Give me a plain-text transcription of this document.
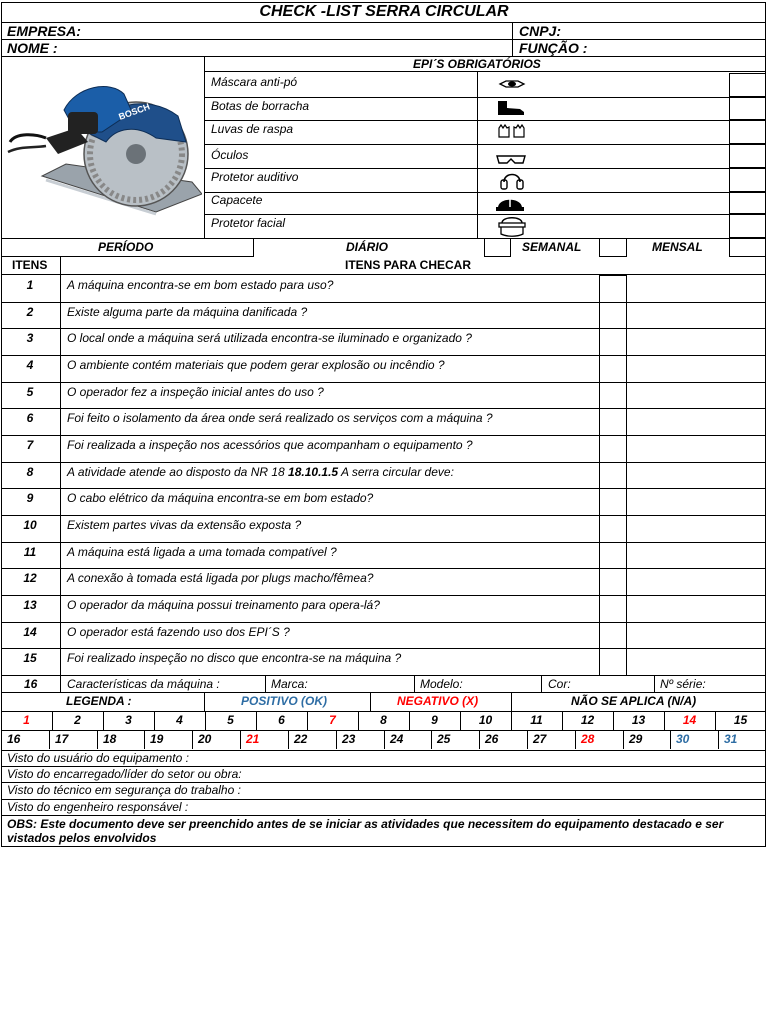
CHECK -LIST SERRA CIRCULAR
EMPRESA:	CNPJ:
NOME :	FUNÇÃO :
EPI´S OBRIGATÓRIOS
BOSCH
Máscara anti-pó
Botas de borracha
Luvas de raspa
Óculos
Protetor auditivo
Capacete
Protetor facial
PERÍODO	DIÁRIO	SEMANAL	MENSAL
ITENS	ITENS PARA CHECAR
1	A máquina encontra-se em bom estado para uso?
2	Existe alguma parte da máquina danificada ?
3	O local onde a máquina será utilizada encontra-se iluminado e organizado ?
4	O ambiente contém materiais que podem gerar explosão ou incêndio ?
5	O operador fez a inspeção inicial antes do uso ?
6	Foi feito o isolamento da área onde será realizado os serviços com a máquina ?
7	Foi realizada a inspeção nos acessórios que acompanham o equipamento ?
8	A atividade atende ao disposto da NR 18 18.10.1.5 A serra circular deve:
9	O cabo elétrico da máquina encontra-se em bom estado?
10	Existem partes vivas da extensão exposta ?
11	A máquina está ligada a uma tomada compatível ?
12	A conexão à tomada está ligada por plugs macho/fêmea?
13	O operador da máquina possui treinamento para opera-lá?
14	O operador está fazendo uso dos EPI´S ?
15	Foi realizado inspeção no disco que encontra-se na máquina ?
16 Características da máquina :	Marca:	Modelo:	Cor:	Nº série:
LEGENDA :	POSITIVO (OK)	NEGATIVO (X)	NÃO SE APLICA (N/A)
1	2	3	4	5	6	7	8	9	10	11	12	13	14	15
16	17	18	19	20	21	22	23	24	25	26	27	28	29	30	31
Visto do usuário do equipamento :
Visto do encarregado/líder do setor ou obra:
Visto do técnico em segurança do trabalho :
Visto do engenheiro responsável :
OBS: Este documento deve ser preenchido antes de se iniciar as atividades que necessitem do equipamento destacado e ser vistados pelos envolvidos
